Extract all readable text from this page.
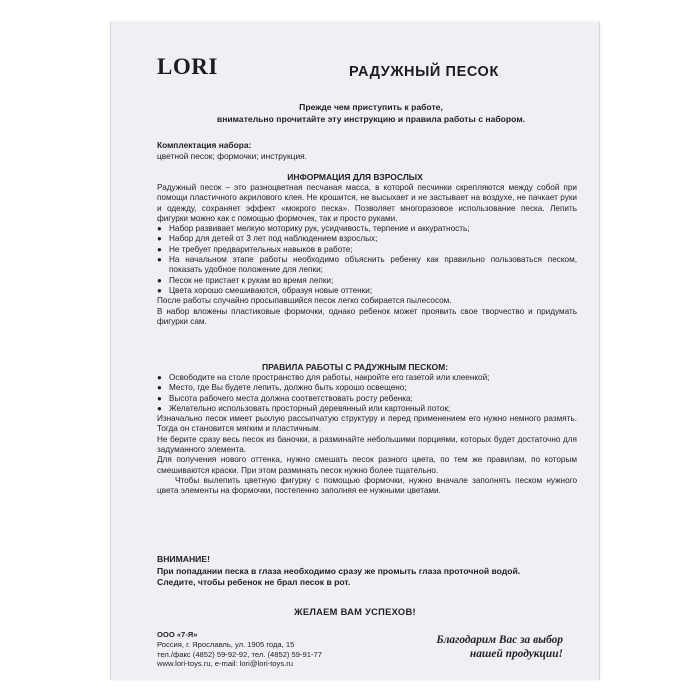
LORI	РАДУЖНЫЙ ПЕСОК
Прежде чем приступить к работе,
внимательно прочитайте эту инструкцию и правила работы с набором.
Комплектация набора:
цветной песок; формочки; инструкция.
ИНФОРМАЦИЯ ДЛЯ ВЗРОСЛЫХ

Радужный песок – это разноцветная песчаная масса, в которой песчинки скрепляются между собой при помощи пластичного акрилового клея. Не крошится, не высыхает и не застывает на воздухе, не пачкает руки и одежду, сохраняет эффект «мокрого песка». Позволяет многоразовое использование песка. Лепить фигурки можно как с помощью формочек, так и просто руками.

● Набор развивает мелкую моторику рук, усидчивость, терпение и аккуратность;
● Набор для детей от 3 лет под наблюдением взрослых;
● Не требует предварительных навыков в работе;
● На начальном этапе работы необходимо объяснить ребенку как правильно пользоваться песком, показать удобное положение для лепки;
● Песок не пристает к рукам во время лепки;
● Цвета хорошо смешиваются, образуя новые оттенки;

После работы случайно просыпавшийся песок легко собирается пылесосом.

В набор вложены пластиковые формочки, однако ребенок может проявить свое творчество и придумать фигурки сам.

ПРАВИЛА РАБОТЫ С РАДУЖНЫМ ПЕСКОМ:
● Освободите на столе пространство для работы, накройте его газетой или клеенкой;
● Место, где Вы будете лепить, должно быть хорошо освещено;
● Высота рабочего места должна соответствовать росту ребенка;
● Желательно использовать просторный деревянный или картонный поток;

Изначально песок имеет рыхлую рассыпчатую структуру и перед применением его нужно немного размять. Тогда он становится мягким и пластичным.

Не берите сразу весь песок из баночки, а разминайте небольшими порциями, которых будет достаточно для задуманного элемента.

Для получения нового оттенка, нужно смешать песок разного цвета, по тем же правилам, по которым смешиваются краски. При этом разминать песок нужно более тщательно.

Чтобы вылепить цветную фигурку с помощью формочки, нужно вначале заполнять песком нужного цвета элементы на формочки, постепенно заполняя ее нужными цветами.

ВНИМАНИЕ!
При попадании песка в глаза необходимо сразу же промыть глаза проточной водой.
Следите, чтобы ребенок не брал песок в рот.
ЖЕЛАЕМ ВАМ УСПЕХОВ!
ООО «7-Я»
Россия, г. Ярославль, ул. 1905 года, 15
тел./факс (4852) 59-92-92, тел. (4852) 59-91-77
www.lori-toys.ru, e-mail: lori@lori-toys.ru
Благодарим Вас за выбор
нашей продукции!
